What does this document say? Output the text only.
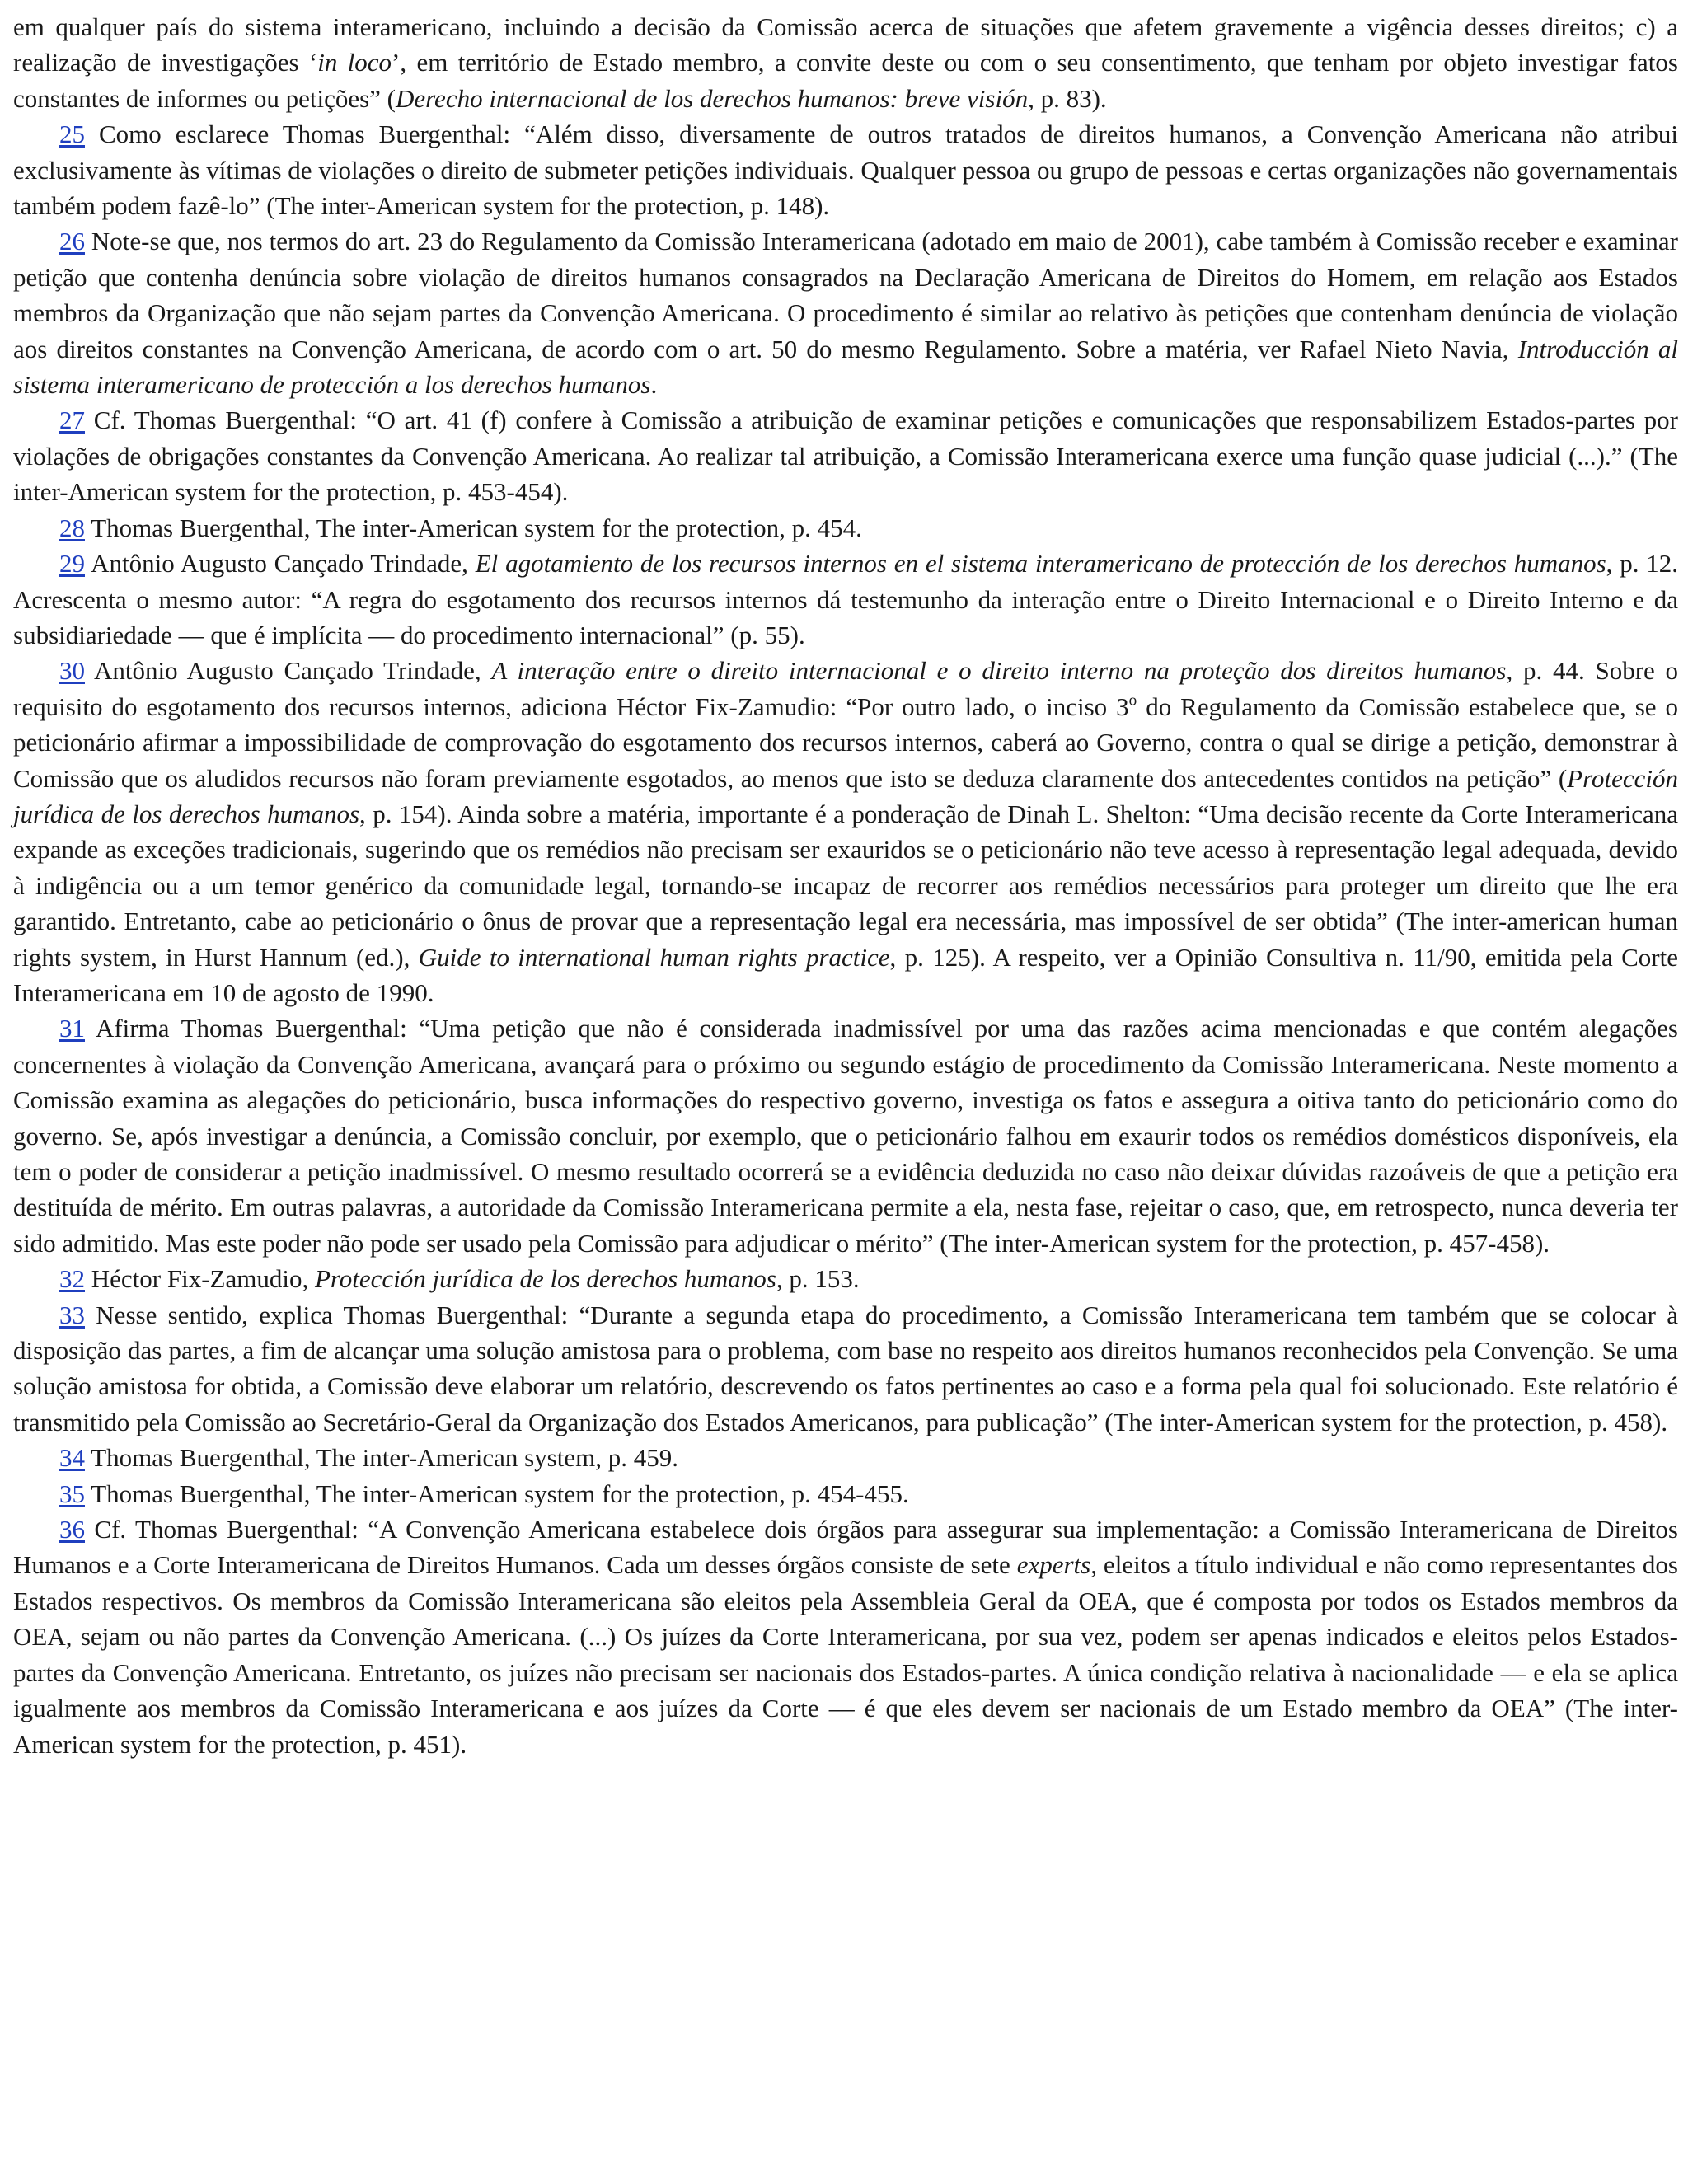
em qualquer país do sistema interamericano, incluindo a decisão da Comissão acerca de situações que afetem gravemente a vigência desses direitos; c) a realização de investigações ‘in loco’, em território de Estado membro, a convite deste ou com o seu consentimento, que tenham por objeto investigar fatos constantes de informes ou petições” (Derecho internacional de los derechos humanos: breve visión, p. 83).

25 Como esclarece Thomas Buergenthal: “Além disso, diversamente de outros tratados de direitos humanos, a Convenção Americana não atribui exclusivamente às vítimas de violações o direito de submeter petições individuais. Qualquer pessoa ou grupo de pessoas e certas organizações não governamentais também podem fazê-lo” (The inter-American system for the protection, p. 148).

26 Note-se que, nos termos do art. 23 do Regulamento da Comissão Interamericana (adotado em maio de 2001), cabe também à Comissão receber e examinar petição que contenha denúncia sobre violação de direitos humanos consagrados na Declaração Americana de Direitos do Homem, em relação aos Estados membros da Organização que não sejam partes da Convenção Americana. O procedimento é similar ao relativo às petições que contenham denúncia de violação aos direitos constantes na Convenção Americana, de acordo com o art. 50 do mesmo Regulamento. Sobre a matéria, ver Rafael Nieto Navia, Introducción al sistema interamericano de protección a los derechos humanos.

27 Cf. Thomas Buergenthal: “O art. 41 (f) confere à Comissão a atribuição de examinar petições e comunicações que responsabilizem Estados-partes por violações de obrigações constantes da Convenção Americana. Ao realizar tal atribuição, a Comissão Interamericana exerce uma função quase judicial (...).” (The inter-American system for the protection, p. 453-454).

28 Thomas Buergenthal, The inter-American system for the protection, p. 454.

29 Antônio Augusto Cançado Trindade, El agotamiento de los recursos internos en el sistema interamericano de protección de los derechos humanos, p. 12. Acrescenta o mesmo autor: “A regra do esgotamento dos recursos internos dá testemunho da interação entre o Direito Internacional e o Direito Interno e da subsidiariedade — que é implícita — do procedimento internacional” (p. 55).

30 Antônio Augusto Cançado Trindade, A interação entre o direito internacional e o direito interno na proteção dos direitos humanos, p. 44. Sobre o requisito do esgotamento dos recursos internos, adiciona Héctor Fix-Zamudio: “Por outro lado, o inciso 3$^o$ do Regulamento da Comissão estabelece que, se o peticionário afirmar a impossibilidade de comprovação do esgotamento dos recursos internos, caberá ao Governo, contra o qual se dirige a petição, demonstrar à Comissão que os aludidos recursos não foram previamente esgotados, ao menos que isto se deduza claramente dos antecedentes contidos na petição” (Protección jurídica de los derechos humanos, p. 154). Ainda sobre a matéria, importante é a ponderação de Dinah L. Shelton: “Uma decisão recente da Corte Interamericana expande as exceções tradicionais, sugerindo que os remédios não precisam ser exauridos se o peticionário não teve acesso à representação legal adequada, devido à indigência ou a um temor genérico da comunidade legal, tornando-se incapaz de recorrer aos remédios necessários para proteger um direito que lhe era garantido. Entretanto, cabe ao peticionário o ônus de provar que a representação legal era necessária, mas impossível de ser obtida” (The inter-american human rights system, in Hurst Hannum (ed.), Guide to international human rights practice, p. 125). A respeito, ver a Opinião Consultiva n. 11/90, emitida pela Corte Interamericana em 10 de agosto de 1990.

31 Afirma Thomas Buergenthal: “Uma petição que não é considerada inadmissível por uma das razões acima mencionadas e que contém alegações concernentes à violação da Convenção Americana, avançará para o próximo ou segundo estágio de procedimento da Comissão Interamericana. Neste momento a Comissão examina as alegações do peticionário, busca informações do respectivo governo, investiga os fatos e assegura a oitiva tanto do peticionário como do governo. Se, após investigar a denúncia, a Comissão concluir, por exemplo, que o peticionário falhou em exaurir todos os remédios domésticos disponíveis, ela tem o poder de considerar a petição inadmissível. O mesmo resultado ocorrerá se a evidência deduzida no caso não deixar dúvidas razoáveis de que a petição era destituída de mérito. Em outras palavras, a autoridade da Comissão Interamericana permite a ela, nesta fase, rejeitar o caso, que, em retrospecto, nunca deveria ter sido admitido. Mas este poder não pode ser usado pela Comissão para adjudicar o mérito” (The inter-American system for the protection, p. 457-458).

32 Héctor Fix-Zamudio, Protección jurídica de los derechos humanos, p. 153.

33 Nesse sentido, explica Thomas Buergenthal: “Durante a segunda etapa do procedimento, a Comissão Interamericana tem também que se colocar à disposição das partes, a fim de alcançar uma solução amistosa para o problema, com base no respeito aos direitos humanos reconhecidos pela Convenção. Se uma solução amistosa for obtida, a Comissão deve elaborar um relatório, descrevendo os fatos pertinentes ao caso e a forma pela qual foi solucionado. Este relatório é transmitido pela Comissão ao Secretário-Geral da Organização dos Estados Americanos, para publicação” (The inter-American system for the protection, p. 458).

34 Thomas Buergenthal, The inter-American system, p. 459.

35 Thomas Buergenthal, The inter-American system for the protection, p. 454-455.

36 Cf. Thomas Buergenthal: “A Convenção Americana estabelece dois órgãos para assegurar sua implementação: a Comissão Interamericana de Direitos Humanos e a Corte Interamericana de Direitos Humanos. Cada um desses órgãos consiste de sete experts, eleitos a título individual e não como representantes dos Estados respectivos. Os membros da Comissão Interamericana são eleitos pela Assembleia Geral da OEA, que é composta por todos os Estados membros da OEA, sejam ou não partes da Convenção Americana. (...) Os juízes da Corte Interamericana, por sua vez, podem ser apenas indicados e eleitos pelos Estados-partes da Convenção Americana. Entretanto, os juízes não precisam ser nacionais dos Estados-partes. A única condição relativa à nacionalidade — e ela se aplica igualmente aos membros da Comissão Interamericana e aos juízes da Corte — é que eles devem ser nacionais de um Estado membro da OEA” (The inter-American system for the protection, p. 451).
